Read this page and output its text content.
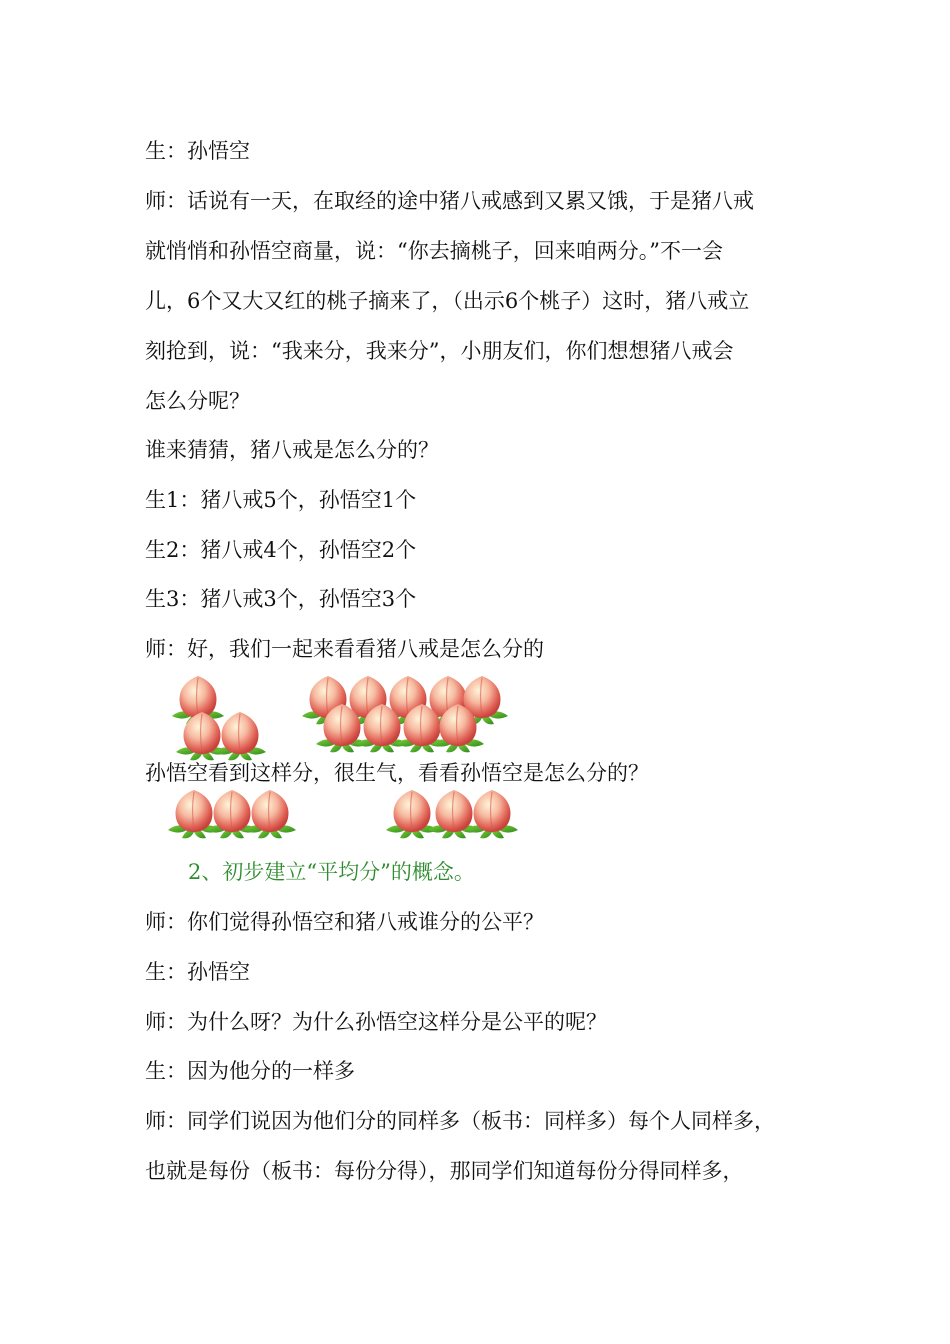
生：孙悟空
师：话说有一天，在取经的途中猪八戒感到又累又饿，于是猪八戒
就悄悄和孙悟空商量，说：“你去摘桃子，回来咱两分。”不一会
儿，6个又大又红的桃子摘来了，（出示6个桃子）这时，猪八戒立
刻抢到，说：“我来分，我来分”，小朋友们，你们想想猪八戒会
怎么分呢？
谁来猜猜，猪八戒是怎么分的？
生1：猪八戒5个，孙悟空1个
生2：猪八戒4个，孙悟空2个
生3：猪八戒3个，孙悟空3个
师：好，我们一起来看看猪八戒是怎么分的
孙悟空看到这样分，很生气，看看孙悟空是怎么分的？
2、初步建立“平均分”的概念。
师：你们觉得孙悟空和猪八戒谁分的公平？
生：孙悟空
师：为什么呀？为什么孙悟空这样分是公平的呢？
生：因为他分的一样多
师：同学们说因为他们分的同样多（板书：同样多）每个人同样多，
也就是每份（板书：每份分得），那同学们知道每份分得同样多，
